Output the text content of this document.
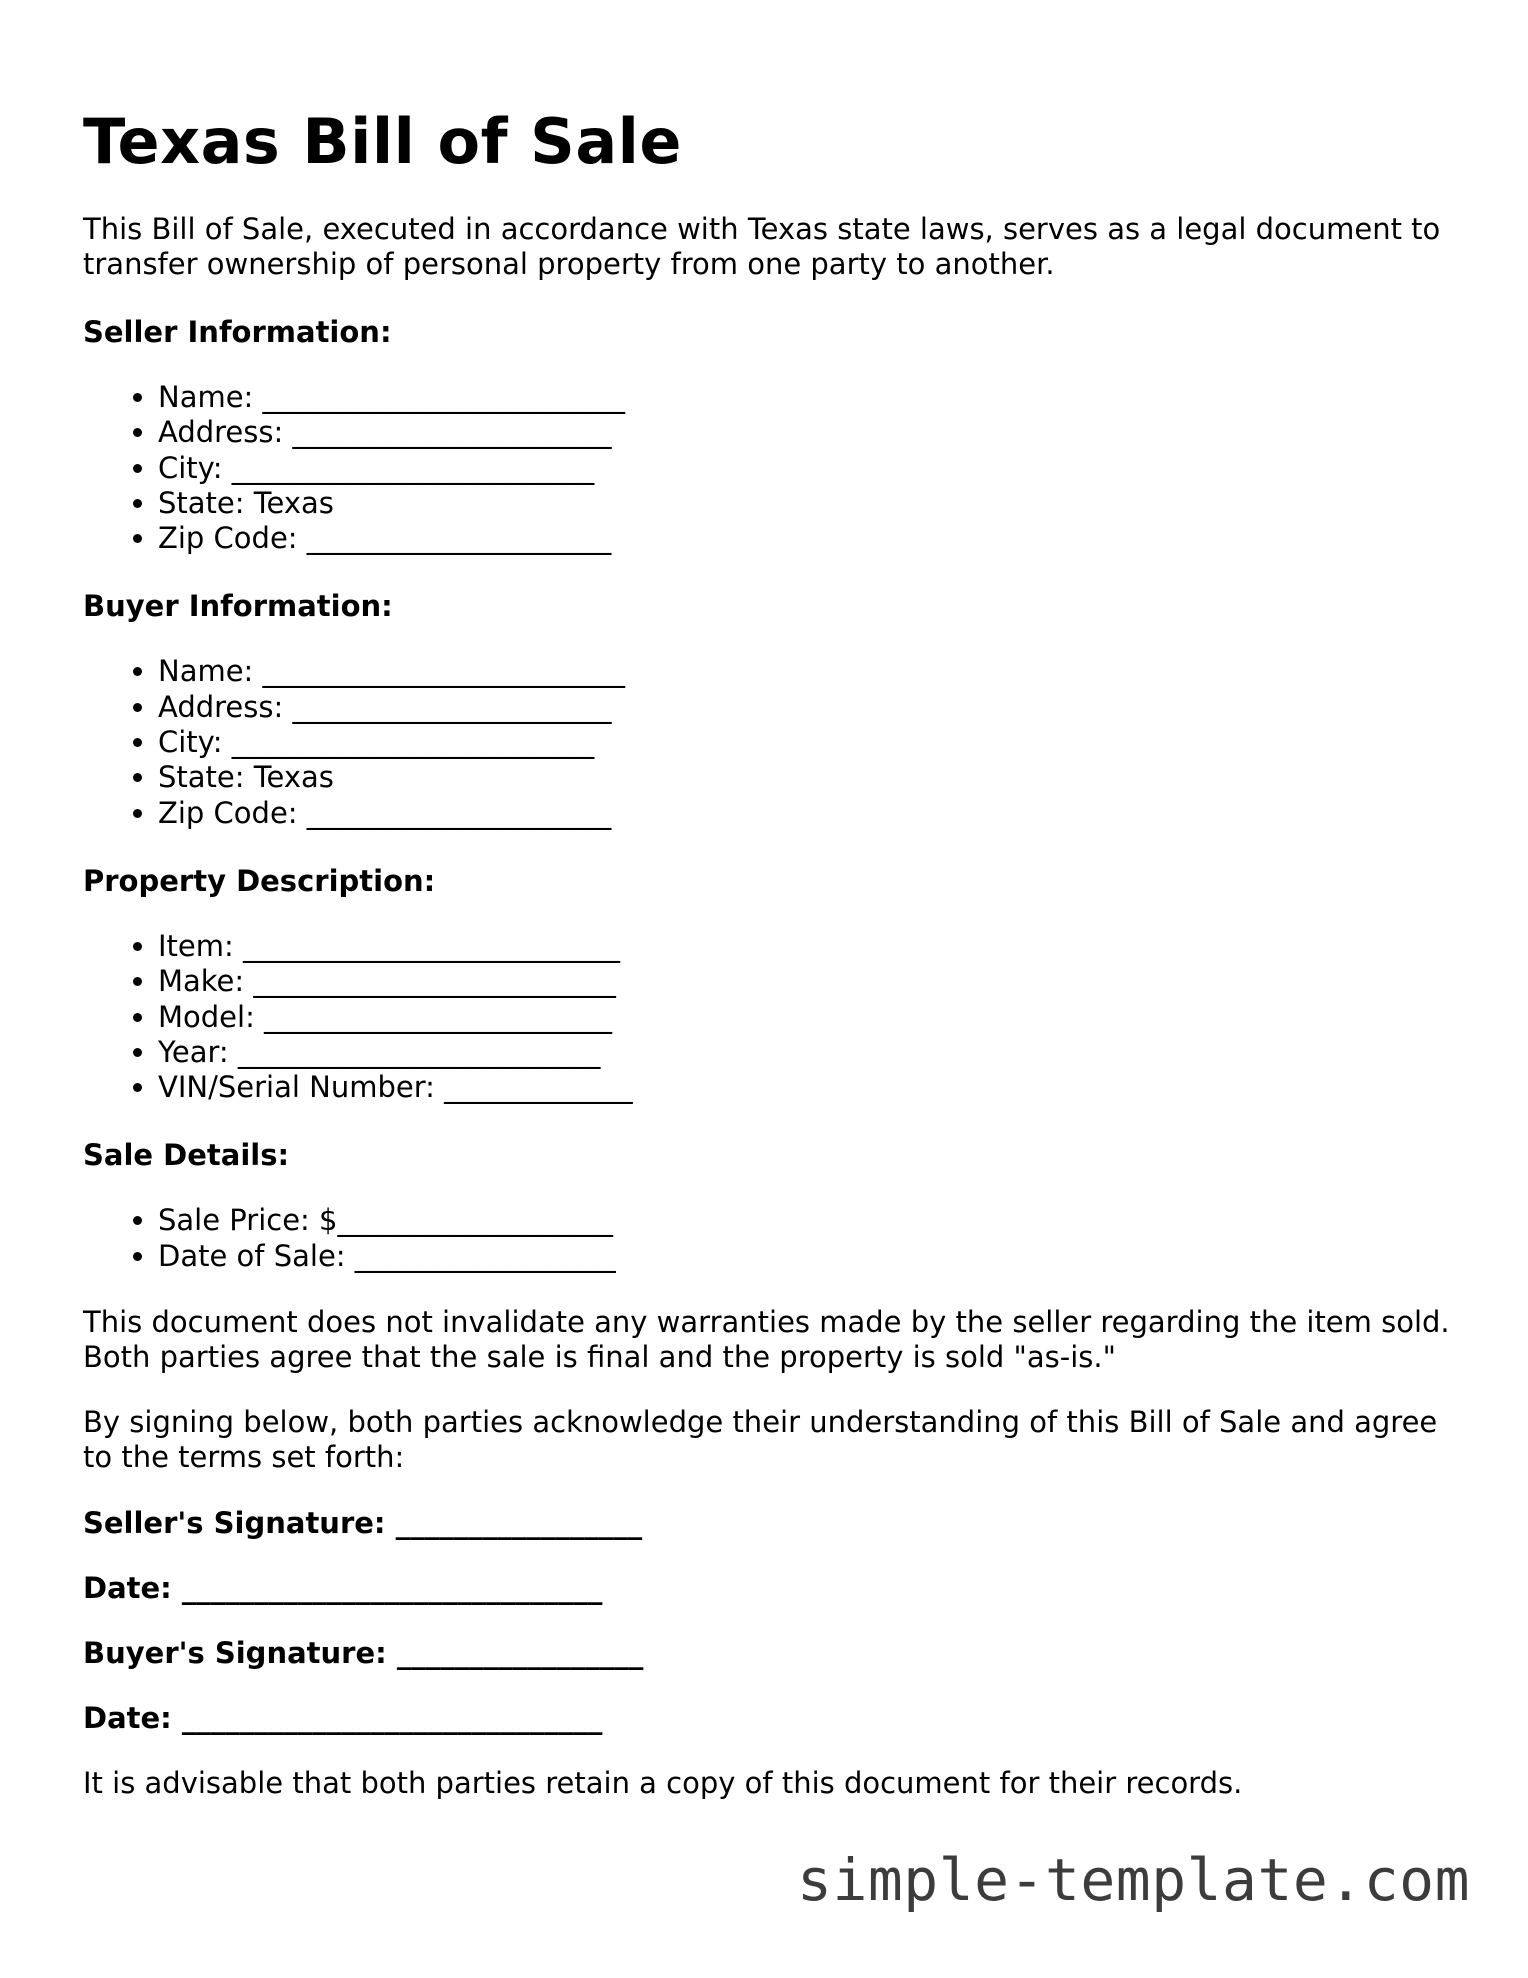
Texas Bill of Sale

This Bill of Sale, executed in accordance with Texas state laws, serves as a legal document to transfer ownership of personal property from one party to another.

Seller Information:
• Name: _________________________
• Address: ______________________
• City: _________________________
• State: Texas
• Zip Code: _____________________
Buyer Information:
• Name: _________________________
• Address: ______________________
• City: _________________________
• State: Texas
• Zip Code: _____________________
Property Description:
• Item: __________________________
• Make: _________________________
• Model: ________________________
• Year: _________________________
• VIN/Serial Number: _____________
Sale Details:
• Sale Price: $___________________
• Date of Sale: __________________

This document does not invalidate any warranties made by the seller regarding the item sold. Both parties agree that the sale is final and the property is sold "as-is."

By signing below, both parties acknowledge their understanding of this Bill of Sale and agree to the terms set forth:

Seller's Signature: _________________
Date: _____________________________
Buyer's Signature: _________________
Date: _____________________________

It is advisable that both parties retain a copy of this document for their records.

simple-template.com
